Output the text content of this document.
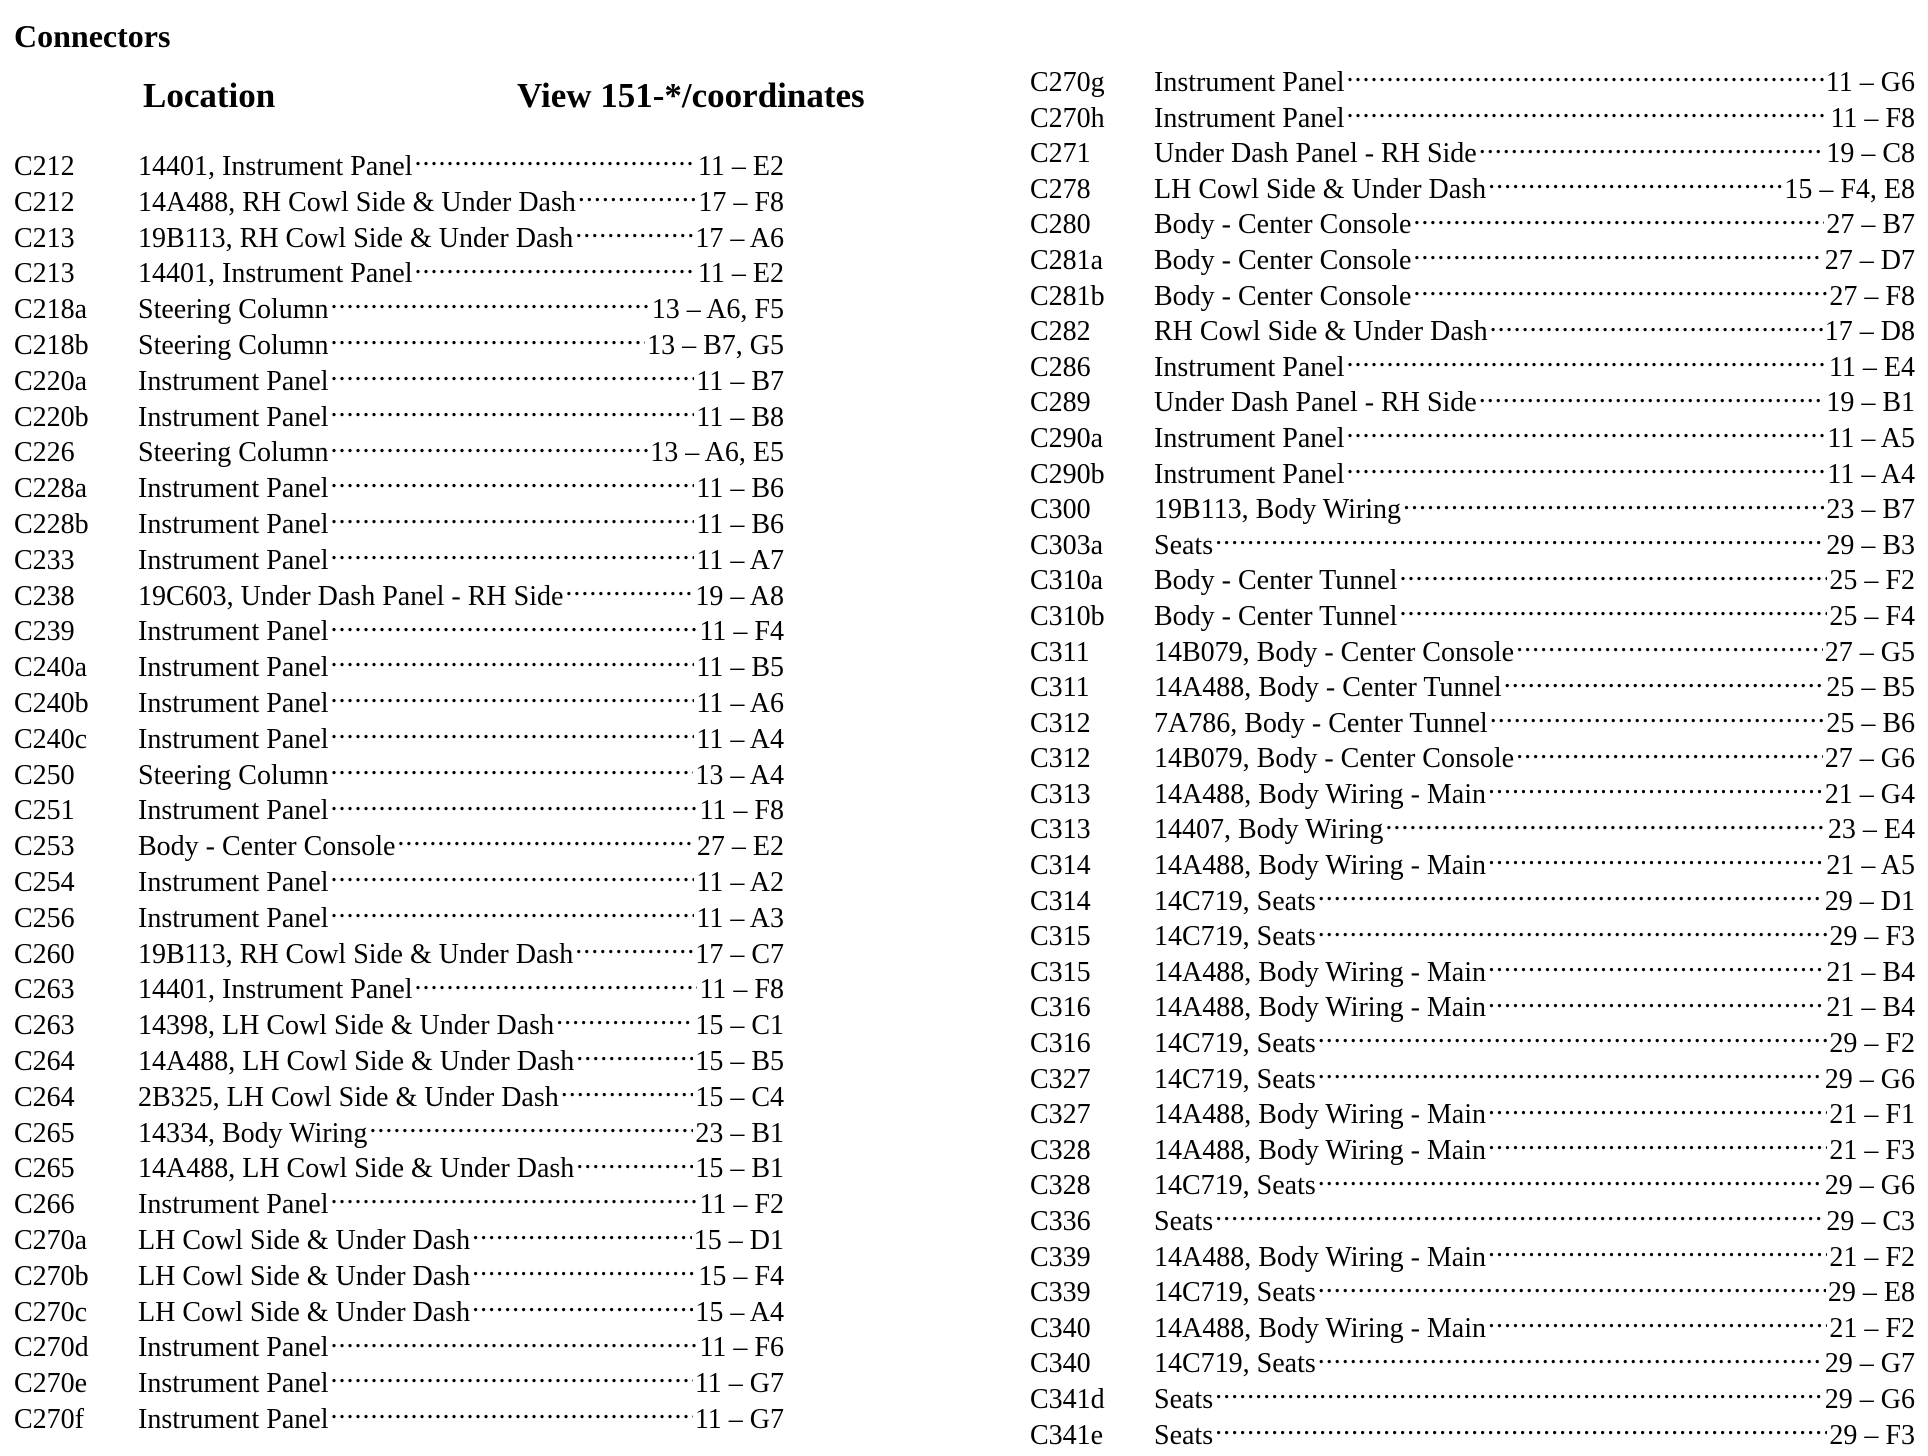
Connectors
Location	View 151-*/coordinates
C212	14401, Instrument Panel .....	11 – E2
C212	14A488, RH Cowl Side & Under Dash .....	17 – F8
C213	19B113, RH Cowl Side & Under Dash .....	17 – A6
C213	14401, Instrument Panel .....	11 – E2
C218a	Steering Column .....	13 – A6, F5
C218b	Steering Column .....	13 – B7, G5
C220a	Instrument Panel .....	11 – B7
C220b	Instrument Panel .....	11 – B8
C226	Steering Column .....	13 – A6, E5
C228a	Instrument Panel .....	11 – B6
C228b	Instrument Panel .....	11 – B6
C233	Instrument Panel .....	11 – A7
C238	19C603, Under Dash Panel - RH Side .....	19 – A8
C239	Instrument Panel .....	11 – F4
C240a	Instrument Panel .....	11 – B5
C240b	Instrument Panel .....	11 – A6
C240c	Instrument Panel .....	11 – A4
C250	Steering Column .....	13 – A4
C251	Instrument Panel .....	11 – F8
C253	Body - Center Console .....	27 – E2
C254	Instrument Panel .....	11 – A2
C256	Instrument Panel .....	11 – A3
C260	19B113, RH Cowl Side & Under Dash .....	17 – C7
C263	14401, Instrument Panel .....	11 – F8
C263	14398, LH Cowl Side & Under Dash .....	15 – C1
C264	14A488, LH Cowl Side & Under Dash .....	15 – B5
C264	2B325, LH Cowl Side & Under Dash .....	15 – C4
C265	14334, Body Wiring .....	23 – B1
C265	14A488, LH Cowl Side & Under Dash .....	15 – B1
C266	Instrument Panel .....	11 – F2
C270a	LH Cowl Side & Under Dash .....	15 – D1
C270b	LH Cowl Side & Under Dash .....	15 – F4
C270c	LH Cowl Side & Under Dash .....	15 – A4
C270d	Instrument Panel .....	11 – F6
C270e	Instrument Panel .....	11 – G7
C270f	Instrument Panel .....	11 – G7
C270g	Instrument Panel .....	11 – G6
C270h	Instrument Panel .....	11 – F8
C271	Under Dash Panel - RH Side .....	19 – C8
C278	LH Cowl Side & Under Dash .....	15 – F4, E8
C280	Body - Center Console .....	27 – B7
C281a	Body - Center Console .....	27 – D7
C281b	Body - Center Console .....	27 – F8
C282	RH Cowl Side & Under Dash .....	17 – D8
C286	Instrument Panel .....	11 – E4
C289	Under Dash Panel - RH Side .....	19 – B1
C290a	Instrument Panel .....	11 – A5
C290b	Instrument Panel .....	11 – A4
C300	19B113, Body Wiring .....	23 – B7
C303a	Seats .....	29 – B3
C310a	Body - Center Tunnel .....	25 – F2
C310b	Body - Center Tunnel .....	25 – F4
C311	14B079, Body - Center Console .....	27 – G5
C311	14A488, Body - Center Tunnel .....	25 – B5
C312	7A786, Body - Center Tunnel .....	25 – B6
C312	14B079, Body - Center Console .....	27 – G6
C313	14A488, Body Wiring - Main .....	21 – G4
C313	14407, Body Wiring .....	23 – E4
C314	14A488, Body Wiring - Main .....	21 – A5
C314	14C719, Seats .....	29 – D1
C315	14C719, Seats .....	29 – F3
C315	14A488, Body Wiring - Main .....	21 – B4
C316	14A488, Body Wiring - Main .....	21 – B4
C316	14C719, Seats .....	29 – F2
C327	14C719, Seats .....	29 – G6
C327	14A488, Body Wiring - Main .....	21 – F1
C328	14A488, Body Wiring - Main .....	21 – F3
C328	14C719, Seats .....	29 – G6
C336	Seats .....	29 – C3
C339	14A488, Body Wiring - Main .....	21 – F2
C339	14C719, Seats .....	29 – E8
C340	14A488, Body Wiring - Main .....	21 – F2
C340	14C719, Seats .....	29 – G7
C341d	Seats .....	29 – G6
C341e	Seats .....	29 – F3
